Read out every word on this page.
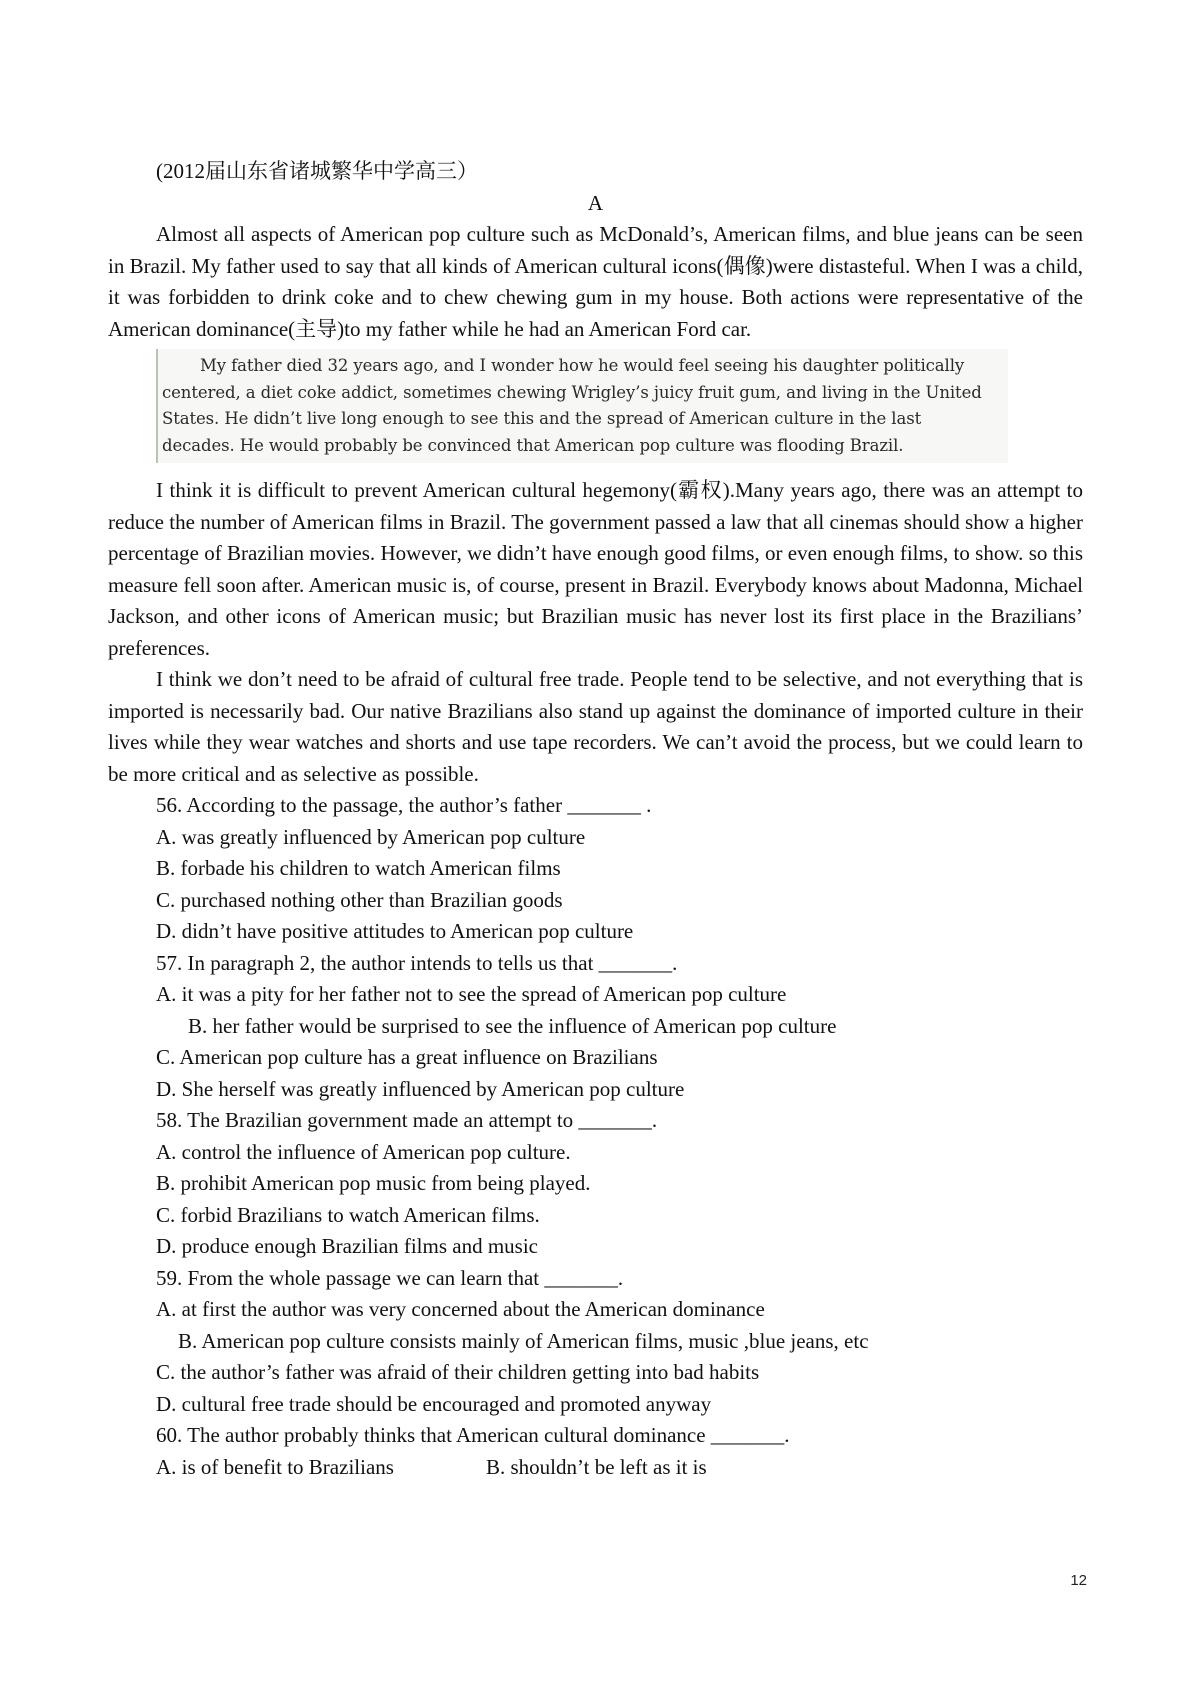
(2012届山东省诸城繁华中学高三）
A

Almost all aspects of American pop culture such as McDonald’s, American films, and blue jeans can be seen in Brazil. My father used to say that all kinds of American cultural icons(偶像)were distasteful. When I was a child, it was forbidden to drink coke and to chew chewing gum in my house. Both actions were representative of the American dominance(主导)to my father while he had an American Ford car.

My father died 32 years ago, and I wonder how he would feel seeing his daughter politically centered, a diet coke addict, sometimes chewing Wrigley’s juicy fruit gum, and living in the United States. He didn’t live long enough to see this and the spread of American culture in the last decades. He would probably be convinced that American pop culture was flooding Brazil.

I think it is difficult to prevent American cultural hegemony(霸权).Many years ago, there was an attempt to reduce the number of American films in Brazil. The government passed a law that all cinemas should show a higher percentage of Brazilian movies. However, we didn’t have enough good films, or even enough films, to show. so this measure fell soon after. American music is, of course, present in Brazil. Everybody knows about Madonna, Michael Jackson, and other icons of American music; but Brazilian music has never lost its first place in the Brazilians’ preferences.

I think we don’t need to be afraid of cultural free trade. People tend to be selective, and not everything that is imported is necessarily bad. Our native Brazilians also stand up against the dominance of imported culture in their lives while they wear watches and shorts and use tape recorders. We can’t avoid the process, but we could learn to be more critical and as selective as possible.

56. According to the passage, the author’s father _______ .
A. was greatly influenced by American pop culture
B. forbade his children to watch American films
C. purchased nothing other than Brazilian goods
D. didn’t have positive attitudes to American pop culture
57. In paragraph 2, the author intends to tells us that _______.
A. it was a pity for her father not to see the spread of American pop culture
B. her father would be surprised to see the influence of American pop culture
C. American pop culture has a great influence on Brazilians
D. She herself was greatly influenced by American pop culture
58. The Brazilian government made an attempt to _______.
A. control the influence of American pop culture.
B. prohibit American pop music from being played.
C. forbid Brazilians to watch American films.
D. produce enough Brazilian films and music
59. From the whole passage we can learn that _______.
A. at first the author was very concerned about the American dominance
B. American pop culture consists mainly of American films, music ,blue jeans, etc
C. the author’s father was afraid of their children getting into bad habits
D. cultural free trade should be encouraged and promoted anyway
60. The author probably thinks that American cultural dominance _______.
A. is of benefit to Brazilians	B. shouldn’t be left as it is
12
